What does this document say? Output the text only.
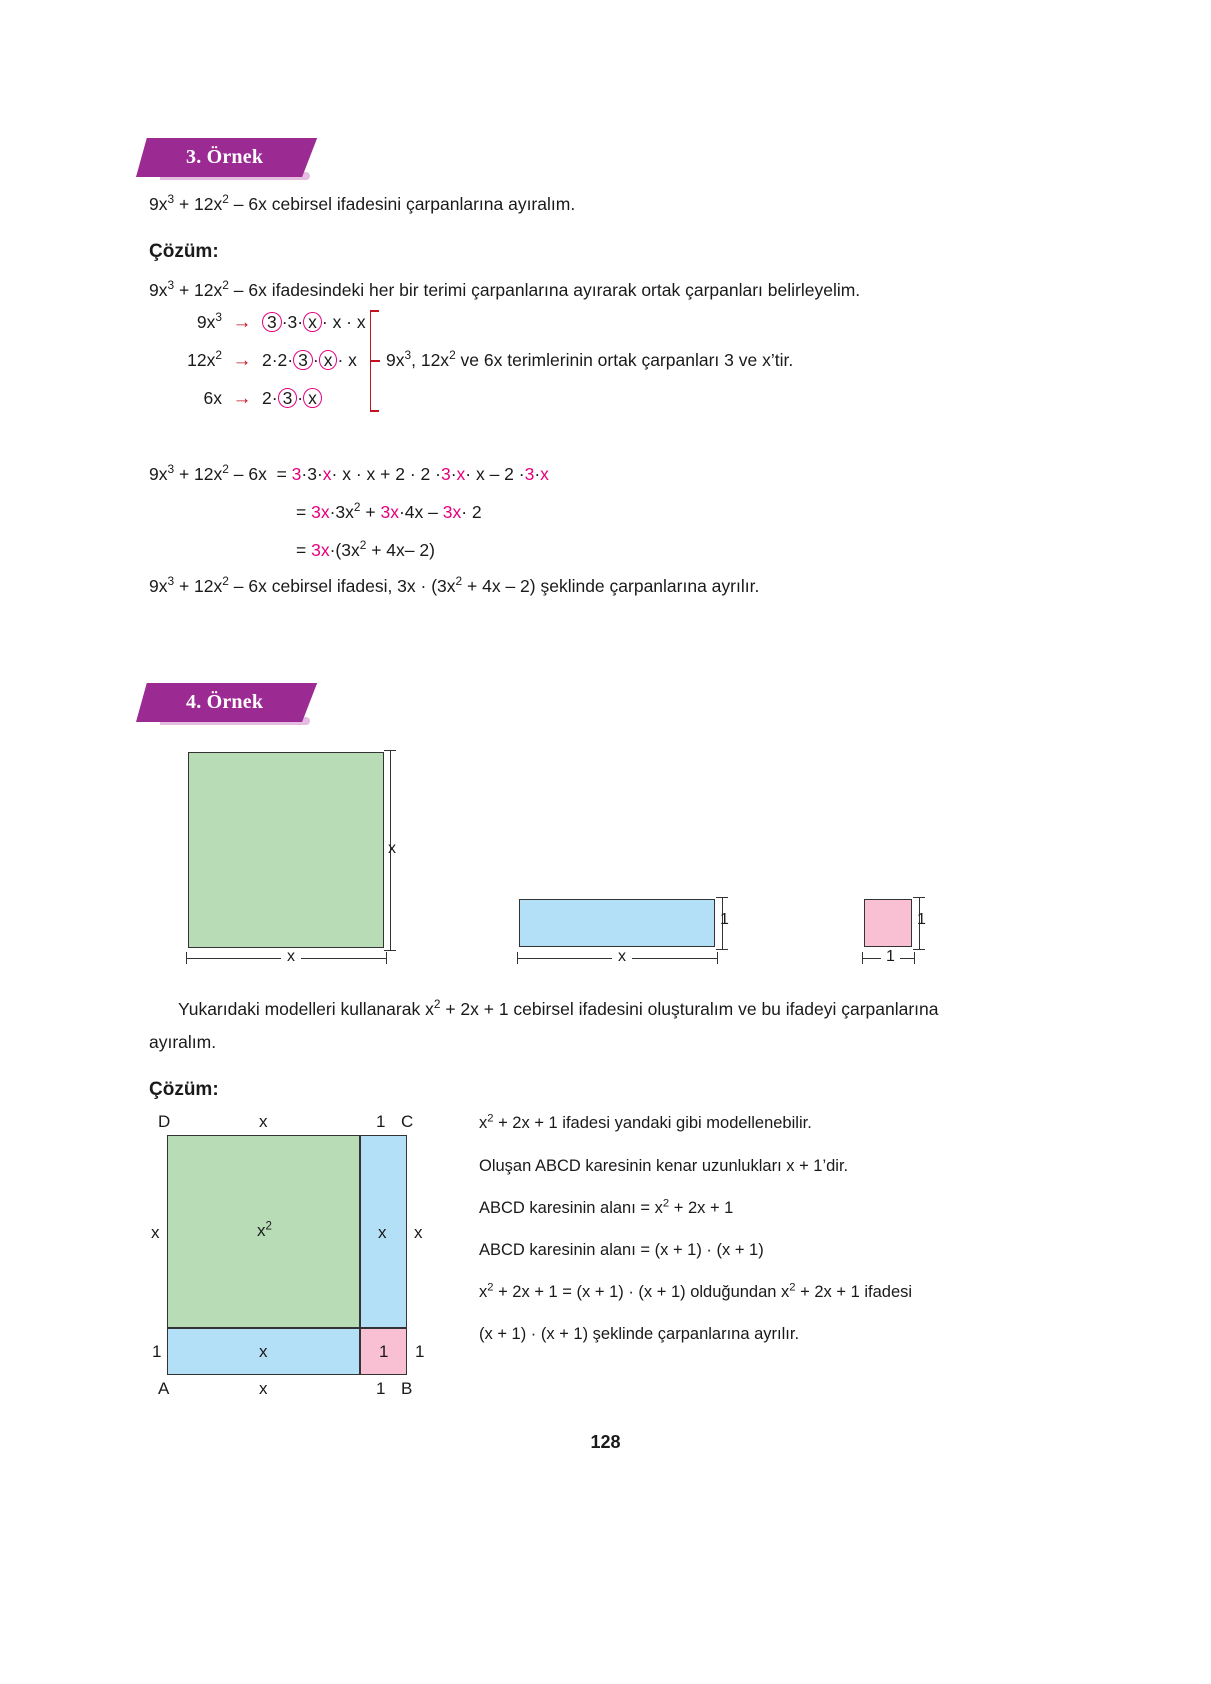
3. Örnek
$9x^3 + 12x^2 - 6x$ cebirsel ifadesini çarpanlarına ayıralım.
Çözüm:
$9x^3 + 12x^2 - 6x$ ifadesindeki her bir terimi çarpanlarına ayırarak ortak çarpanları belirleyelim.
$9x^3 \to 3 \cdot 3\cdot x \cdot x \cdot x$
$12x^2 \to 2\cdot 2\cdot 3 \cdot x \cdot x$
6x → 2· 3 · x
$9x^3$, $12x^2$ ve 6x terimlerinin ortak çarpanları 3 ve x’tir.
$9x^3 + 12x^2 - 6x = 3\cdot 3\cdot x\cdot x \cdot x + 2 \cdot 2 \cdot 3\cdot x\cdot x - 2 \cdot 3\cdot x$
= $3x\cdot 3x^2 + 3x\cdot 4x - 3x\cdot 2$
= $3x\cdot(3x^2 + 4x-$ 2)
$9x^3 + 12x^2 - 6x$ cebirsel ifadesi, $3x \cdot (3x^2 + 4x - 2)$ şeklinde çarpanlarına ayrılır.
4. Örnek
x
x
1
x
1
1
Yukarıdaki modelleri kullanarak $x^2 + 2x + 1$ cebirsel ifadesini oluşturalım ve bu ifadeyi çarpanlarına
ayıralım.
Çözüm:
D	C
A	B
x	1
x
1
x
1
x	1
$x^2$	x
x	1
$x^2 + 2x + 1$ ifadesi yandaki gibi modellenebilir.
Oluşan ABCD karesinin kenar uzunlukları x + 1’dir.
ABCD karesinin alanı = $x^2 + 2x + 1$
ABCD karesinin alanı = (x + 1) · (x + 1)
$x^2 + 2x + 1 = (x + 1) \cdot (x + 1)$ olduğundan $x^2 + 2x + 1$ ifadesi
(x + 1) · (x + 1) şeklinde çarpanlarına ayrılır.
128
